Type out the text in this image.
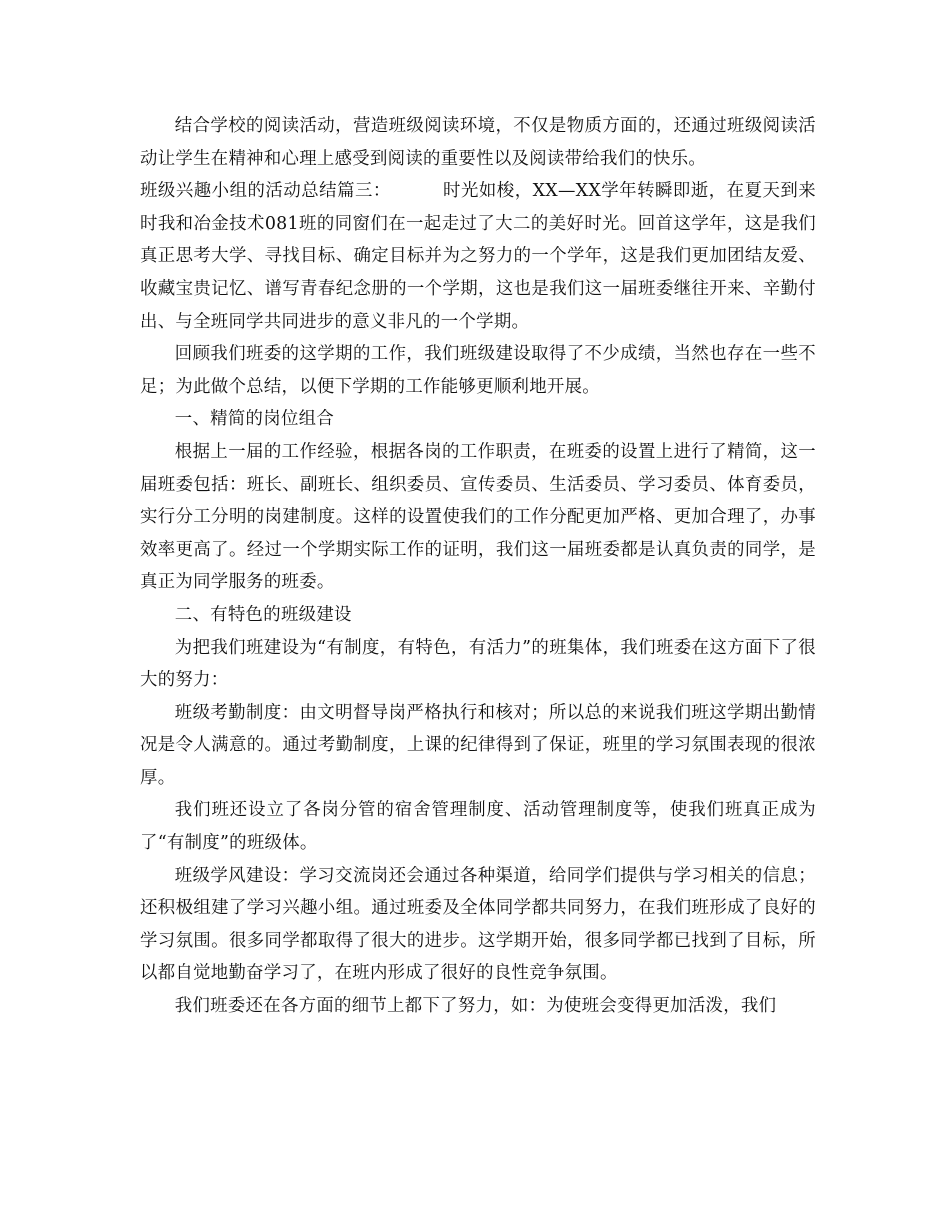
结合学校的阅读活动，营造班级阅读环境，不仅是物质方面的，还通过班级阅读活动让学生在精神和心理上感受到阅读的重要性以及阅读带给我们的快乐。

班级兴趣小组的活动总结篇三：	时光如梭，XX—XX学年转瞬即逝，在夏天到来时我和冶金技术081班的同窗们在一起走过了大二的美好时光。回首这学年，这是我们真正思考大学、寻找目标、确定目标并为之努力的一个学年，这是我们更加团结友爱、收藏宝贵记忆、谱写青春纪念册的一个学期，这也是我们这一届班委继往开来、辛勤付出、与全班同学共同进步的意义非凡的一个学期。

回顾我们班委的这学期的工作，我们班级建设取得了不少成绩，当然也存在一些不足；为此做个总结，以便下学期的工作能够更顺利地开展。

一、精简的岗位组合

根据上一届的工作经验，根据各岗的工作职责，在班委的设置上进行了精简，这一届班委包括：班长、副班长、组织委员、宣传委员、生活委员、学习委员、体育委员，实行分工分明的岗建制度。这样的设置使我们的工作分配更加严格、更加合理了，办事效率更高了。经过一个学期实际工作的证明，我们这一届班委都是认真负责的同学，是真正为同学服务的班委。

二、有特色的班级建设

为把我们班建设为“有制度，有特色，有活力”的班集体，我们班委在这方面下了很大的努力：

班级考勤制度：由文明督导岗严格执行和核对；所以总的来说我们班这学期出勤情况是令人满意的。通过考勤制度，上课的纪律得到了保证，班里的学习氛围表现的很浓厚。

我们班还设立了各岗分管的宿舍管理制度、活动管理制度等，使我们班真正成为了“有制度”的班级体。

班级学风建设：学习交流岗还会通过各种渠道，给同学们提供与学习相关的信息；还积极组建了学习兴趣小组。通过班委及全体同学都共同努力，在我们班形成了良好的学习氛围。很多同学都取得了很大的进步。这学期开始，很多同学都已找到了目标，所以都自觉地勤奋学习了，在班内形成了很好的良性竞争氛围。

我们班委还在各方面的细节上都下了努力，如：为使班会变得更加活泼，我们
